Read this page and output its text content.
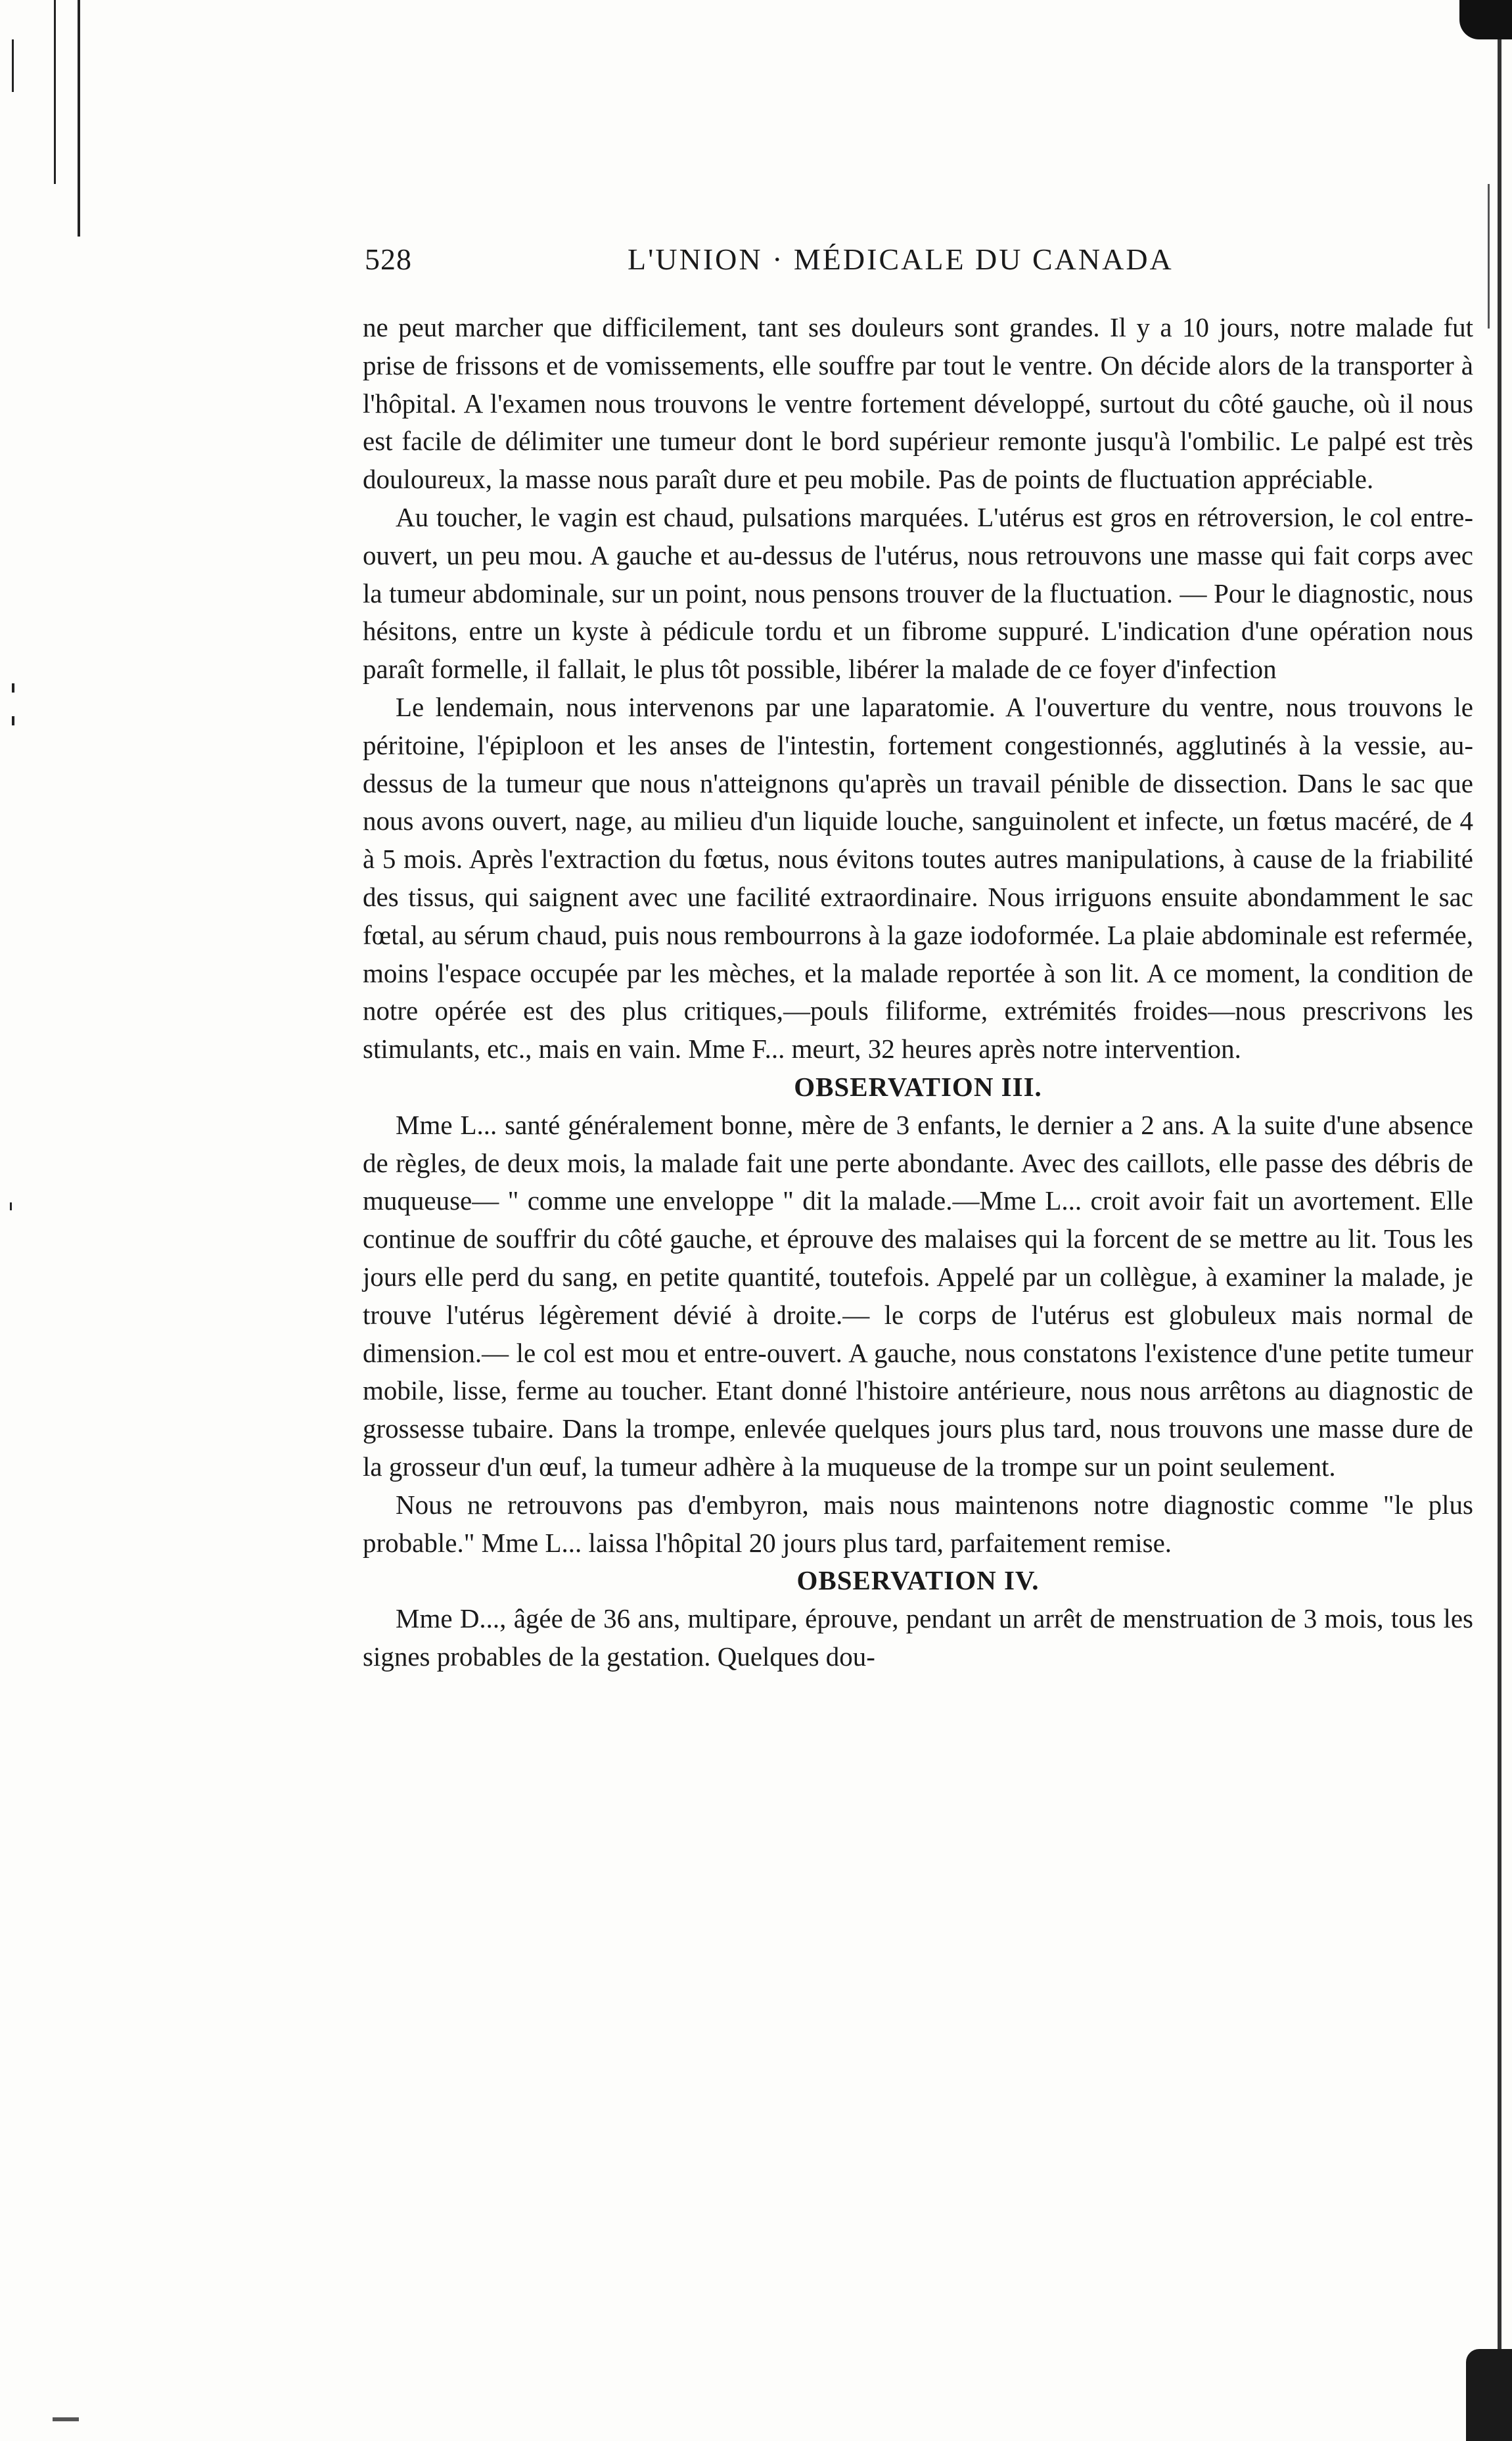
528	L'UNION · MÉDICALE DU CANADA

ne peut marcher que difficilement, tant ses douleurs sont grandes. Il y a 10 jours, notre malade fut prise de frissons et de vomissements, elle souffre par tout le ventre. On décide alors de la transporter à l'hôpital. A l'examen nous trouvons le ventre fortement développé, surtout du côté gauche, où il nous est facile de délimiter une tumeur dont le bord supérieur remonte jusqu'à l'ombilic. Le palpé est très douloureux, la masse nous paraît dure et peu mobile. Pas de points de fluctuation appréciable.

Au toucher, le vagin est chaud, pulsations marquées. L'utérus est gros en rétroversion, le col entre-ouvert, un peu mou. A gauche et au-dessus de l'utérus, nous retrouvons une masse qui fait corps avec la tumeur abdominale, sur un point, nous pensons trouver de la fluctuation. — Pour le diagnostic, nous hésitons, entre un kyste à pédicule tordu et un fibrome suppuré. L'indication d'une opération nous paraît formelle, il fallait, le plus tôt possible, libérer la malade de ce foyer d'infection

Le lendemain, nous intervenons par une laparatomie. A l'ouverture du ventre, nous trouvons le péritoine, l'épiploon et les anses de l'intestin, fortement congestionnés, agglutinés à la vessie, au-dessus de la tumeur que nous n'atteignons qu'après un travail pénible de dissection. Dans le sac que nous avons ouvert, nage, au milieu d'un liquide louche, sanguinolent et infecte, un fœtus macéré, de 4 à 5 mois. Après l'extraction du fœtus, nous évitons toutes autres manipulations, à cause de la friabilité des tissus, qui saignent avec une facilité extraordinaire. Nous irriguons ensuite abondamment le sac fœtal, au sérum chaud, puis nous rembourrons à la gaze iodoformée. La plaie abdominale est refermée, moins l'espace occupée par les mèches, et la malade reportée à son lit. A ce moment, la condition de notre opérée est des plus critiques,—pouls filiforme, extrémités froides—nous prescrivons les stimulants, etc., mais en vain. Mme F... meurt, 32 heures après notre intervention.

OBSERVATION III.

Mme L... santé généralement bonne, mère de 3 enfants, le dernier a 2 ans. A la suite d'une absence de règles, de deux mois, la malade fait une perte abondante. Avec des caillots, elle passe des débris de muqueuse— " comme une enveloppe " dit la malade.—Mme L... croit avoir fait un avortement. Elle continue de souffrir du côté gauche, et éprouve des malaises qui la forcent de se mettre au lit. Tous les jours elle perd du sang, en petite quantité, toutefois. Appelé par un collègue, à examiner la malade, je trouve l'utérus légèrement dévié à droite.— le corps de l'utérus est globuleux mais normal de dimension.— le col est mou et entre-ouvert. A gauche, nous constatons l'existence d'une petite tumeur mobile, lisse, ferme au toucher. Etant donné l'histoire antérieure, nous nous arrêtons au diagnostic de grossesse tubaire. Dans la trompe, enlevée quelques jours plus tard, nous trouvons une masse dure de la grosseur d'un œuf, la tumeur adhère à la muqueuse de la trompe sur un point seulement.

Nous ne retrouvons pas d'embyron, mais nous maintenons notre diagnostic comme "le plus probable." Mme L... laissa l'hôpital 20 jours plus tard, parfaitement remise.

OBSERVATION IV.

Mme D..., âgée de 36 ans, multipare, éprouve, pendant un arrêt de menstruation de 3 mois, tous les signes probables de la gestation. Quelques dou-
